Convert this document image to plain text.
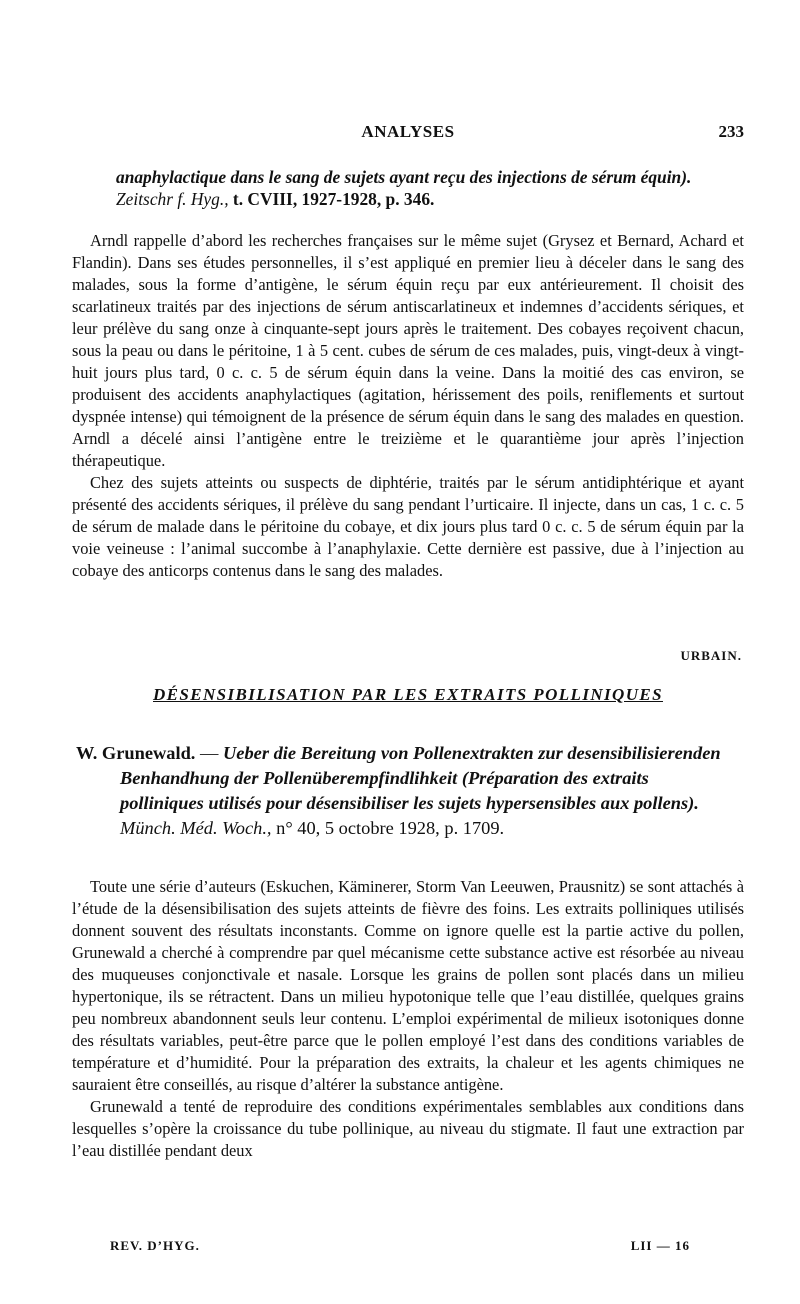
ANALYSES	233
anaphylactique dans le sang de sujets ayant reçu des injections de sérum équin). Zeitschr f. Hyg., t. CVIII, 1927-1928, p. 346.

Arndl rappelle d’abord les recherches françaises sur le même sujet (Grysez et Bernard, Achard et Flandin). Dans ses études personnelles, il s’est appliqué en premier lieu à déceler dans le sang des malades, sous la forme d’antigène, le sérum équin reçu par eux antérieurement. Il choisit des scarlatineux traités par des injections de sérum antiscarlatineux et indemnes d’accidents sériques, et leur prélève du sang onze à cinquante-sept jours après le traitement. Des cobayes reçoivent chacun, sous la peau ou dans le péritoine, 1 à 5 cent. cubes de sérum de ces malades, puis, vingt-deux à vingt-huit jours plus tard, 0 c. c. 5 de sérum équin dans la veine. Dans la moitié des cas environ, se produisent des accidents anaphylactiques (agitation, hérissement des poils, reniflements et surtout dyspnée intense) qui témoignent de la présence de sérum équin dans le sang des malades en question. Arndl a décelé ainsi l’antigène entre le treizième et le quarantième jour après l’injection thérapeutique.

Chez des sujets atteints ou suspects de diphtérie, traités par le sérum antidiphtérique et ayant présenté des accidents sériques, il prélève du sang pendant l’urticaire. Il injecte, dans un cas, 1 c. c. 5 de sérum de malade dans le péritoine du cobaye, et dix jours plus tard 0 c. c. 5 de sérum équin par la voie veineuse : l’animal succombe à l’anaphylaxie. Cette dernière est passive, due à l’injection au cobaye des anticorps contenus dans le sang des malades.

URBAIN.
DÉSENSIBILISATION PAR LES EXTRAITS POLLINIQUES
W. Grunewald. — Ueber die Bereitung von Pollenextrakten zur desensibilisierenden Benhandhung der Pollenüberempfindlihkeit (Préparation des extraits polliniques utilisés pour désensibiliser les sujets hypersensibles aux pollens). Münch. Méd. Woch., n° 40, 5 octobre 1928, p. 1709.

Toute une série d’auteurs (Eskuchen, Käminerer, Storm Van Leeuwen, Prausnitz) se sont attachés à l’étude de la désensibilisation des sujets atteints de fièvre des foins. Les extraits polliniques utilisés donnent souvent des résultats inconstants. Comme on ignore quelle est la partie active du pollen, Grunewald a cherché à comprendre par quel mécanisme cette substance active est résorbée au niveau des muqueuses conjonctivale et nasale. Lorsque les grains de pollen sont placés dans un milieu hypertonique, ils se rétractent. Dans un milieu hypotonique telle que l’eau distillée, quelques grains peu nombreux abandonnent seuls leur contenu. L’emploi expérimental de milieux isotoniques donne des résultats variables, peut-être parce que le pollen employé l’est dans des conditions variables de température et d’humidité. Pour la préparation des extraits, la chaleur et les agents chimiques ne sauraient être conseillés, au risque d’altérer la substance antigène.

Grunewald a tenté de reproduire des conditions expérimentales semblables aux conditions dans lesquelles s’opère la croissance du tube pollinique, au niveau du stigmate. Il faut une extraction par l’eau distillée pendant deux

REV. D’HYG.	LII — 16
